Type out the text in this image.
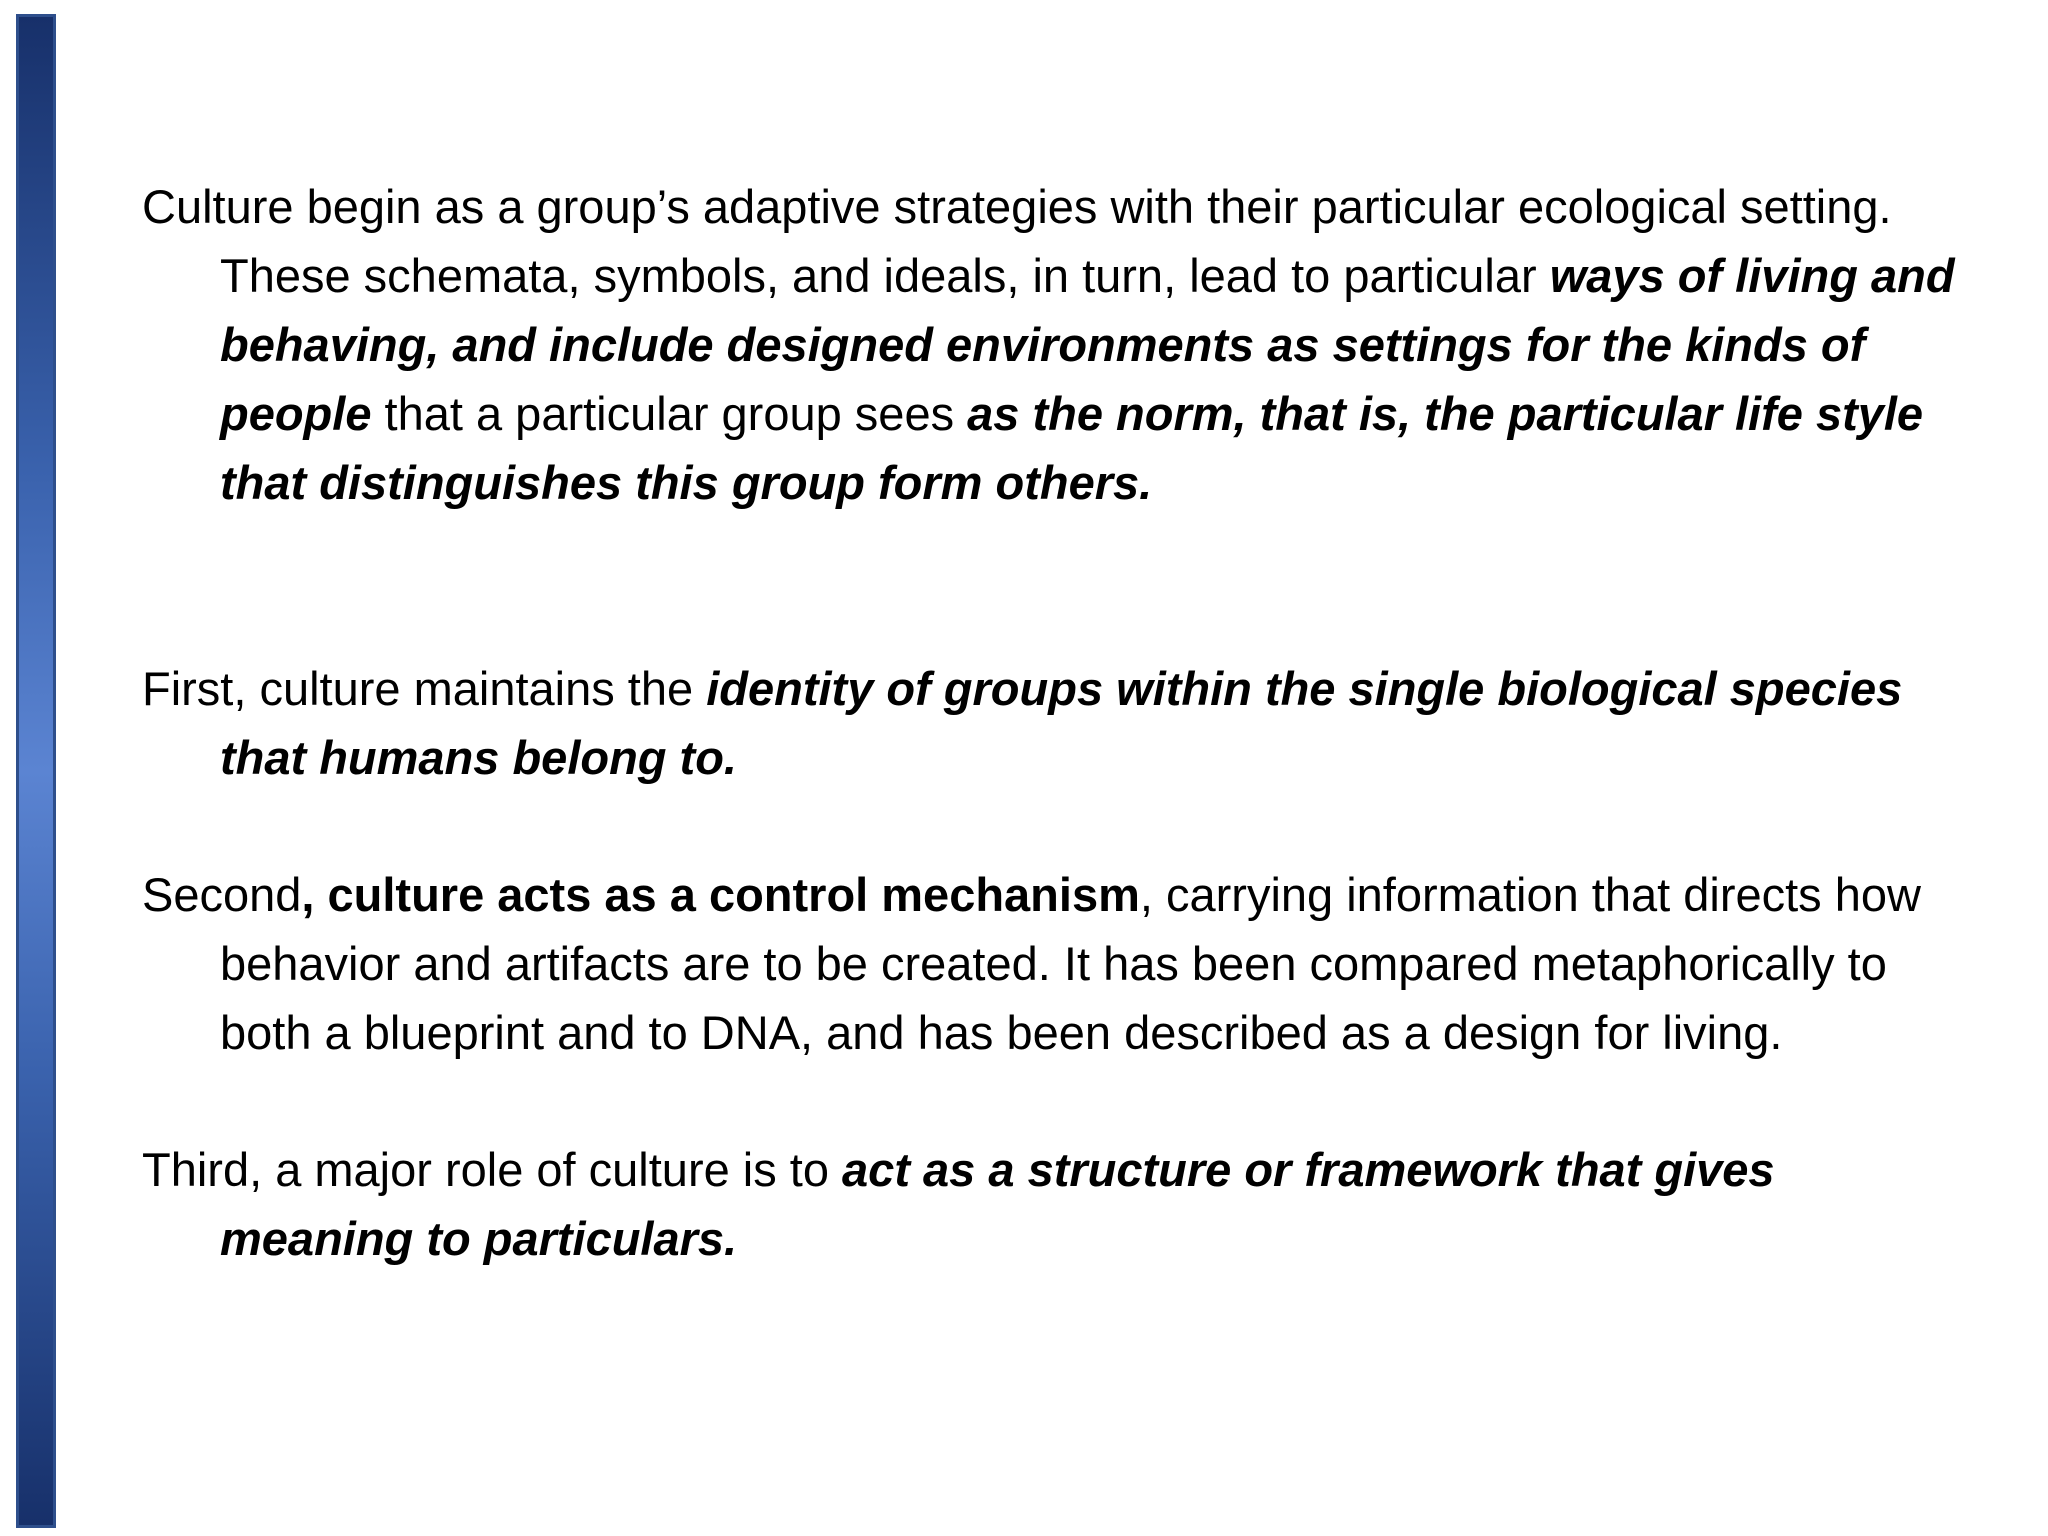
Culture begin as a group’s adaptive strategies with their particular ecological setting. These schemata, symbols, and ideals, in turn, lead to particular ways of living and behaving, and include designed environments as settings for the kinds of people that a particular group sees as the norm, that is, the particular life style that distinguishes this group form others.

First, culture maintains the identity of groups within the single biological species that humans belong to.

Second, culture acts as a control mechanism, carrying information that directs how behavior and artifacts are to be created. It has been compared metaphorically to both a blueprint and to DNA, and has been described as a design for living.

Third, a major role of culture is to act as a structure or framework that gives meaning to particulars.
